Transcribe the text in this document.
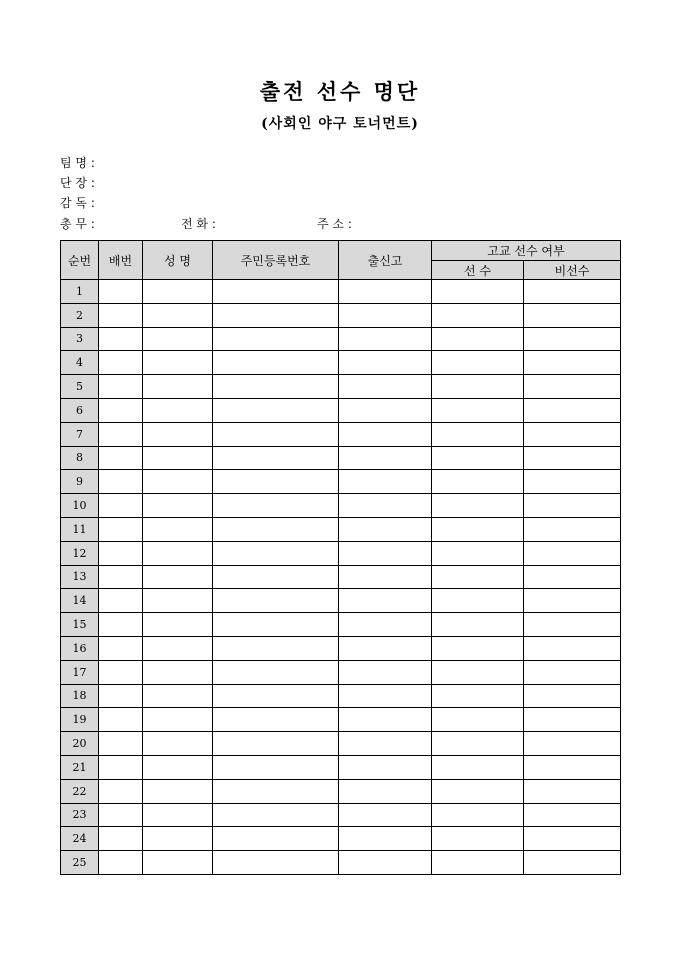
출전 선수 명단
(사회인 야구 토너먼트)
팀 명 :
단 장 :
감 독 :
총 무 :	전 화 :	주 소 :
순번	배번	성 명	주민등록번호	출신고	고교 선수 여부	
					선 수	비선수
1						
2						
3						
4						
5						
6						
7						
8						
9						
10						
11						
12						
13						
14						
15						
16						
17						
18						
19						
20						
21						
22						
23						
24						
25						
